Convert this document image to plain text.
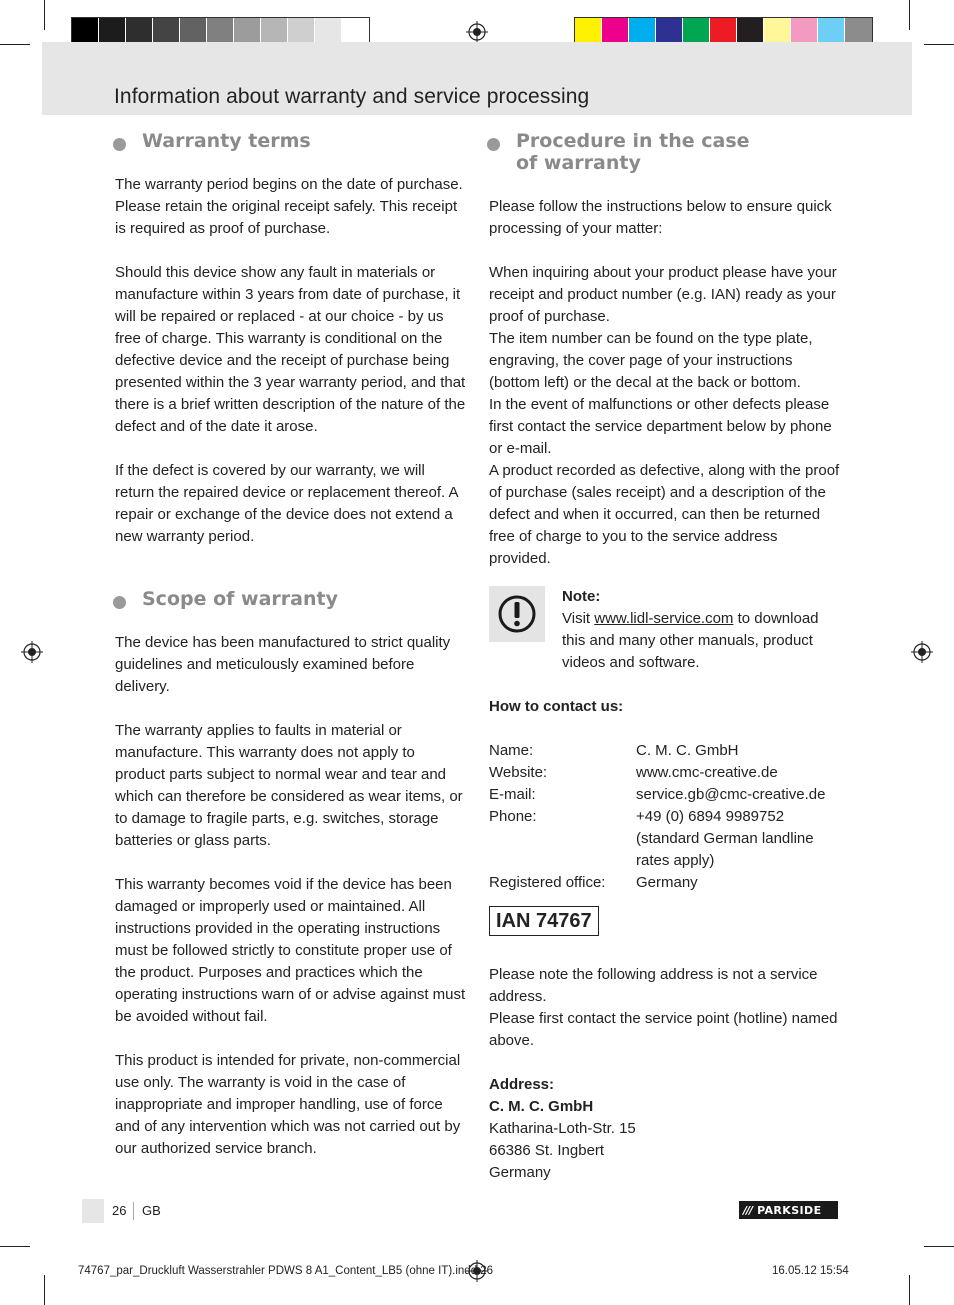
Information about warranty and service processing
Warranty terms

The warranty period begins on the date of purchase. Please retain the original receipt safely. This receipt is required as proof of purchase.

Should this device show any fault in materials or manufacture within 3 years from date of purchase, it will be repaired or replaced - at our choice - by us free of charge. This warranty is conditional on the defective device and the receipt of purchase being presented within the 3 year warranty period, and that there is a brief written description of the nature of the defect and of the date it arose.

If the defect is covered by our warranty, we will return the repaired device or replacement thereof. A repair or exchange of the device does not extend a new warranty period.

Scope of warranty

The device has been manufactured to strict quality guidelines and meticulously examined before delivery.

The warranty applies to faults in material or manufacture. This warranty does not apply to product parts subject to normal wear and tear and which can therefore be considered as wear items, or to damage to fragile parts, e.g. switches, storage batteries or glass parts.

This warranty becomes void if the device has been damaged or improperly used or maintained. All instructions provided in the operating instructions must be followed strictly to constitute proper use of the product. Purposes and practices which the operating instructions warn of or advise against must be avoided without fail.

This product is intended for private, non-commercial use only. The warranty is void in the case of inappropriate and improper handling, use of force and of any intervention which was not carried out by our authorized service branch.

Procedure in the case
of warranty

Please follow the instructions below to ensure quick processing of your matter:

When inquiring about your product please have your receipt and product number (e.g. IAN) ready as your proof of purchase.

The item number can be found on the type plate, engraving, the cover page of your instructions (bottom left) or the decal at the back or bottom.

In the event of malfunctions or other defects please first contact the service department below by phone or e-mail.

A product recorded as defective, along with the proof of purchase (sales receipt) and a description of the defect and when it occurred, can then be returned free of charge to you to the service address provided.

Note:
Visit www.lidl-service.com to download this and many other manuals, product videos and software.

How to contact us:

Name:	C. M. C. GmbH
Website:	www.cmc-creative.de
E-mail:	service.gb@cmc-creative.de
Phone:	+49 (0) 6894 9989752 (standard German landline rates apply)
Registered office:	Germany
IAN 74767

Please note the following address is not a service address.

Please first contact the service point (hotline) named above.

Address:
C. M. C. GmbH
Katharina-Loth-Str. 15
66386 St. Ingbert
Germany
26 GB	/// PARKSIDE
74767_par_Druckluft Wasserstrahler PDWS 8 A1_Content_LB5 (ohne IT).indd 26	16.05.12 15:54
